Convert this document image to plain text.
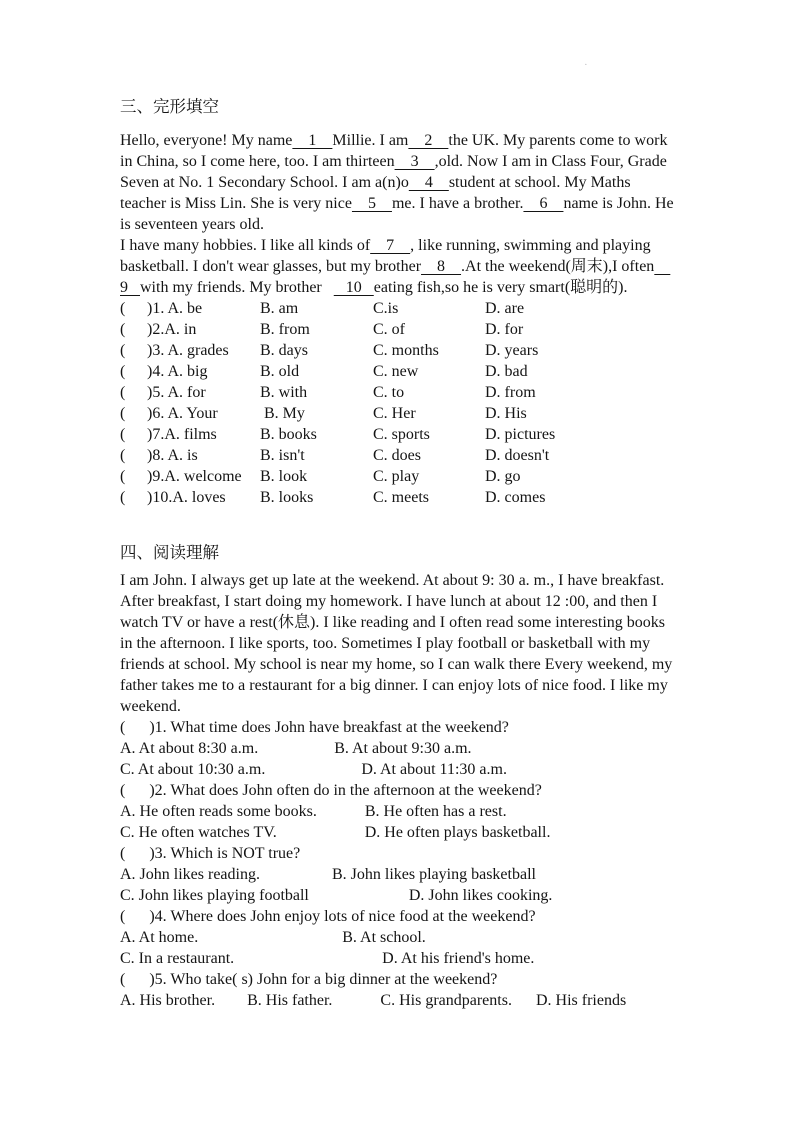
·
三、完形填空
Hello, everyone! My name    1    Millie. I am    2    the UK. My parents come to work
in China, so I come here, too. I am thirteen    3    ,old. Now I am in Class Four, Grade
Seven at No. 1 Secondary School. I am a(n)o    4    student at school. My Maths
teacher is Miss Lin. She is very nice    5    me. I have a brother.    6    name is John. He
is seventeen years old.
I have many hobbies. I like all kinds of    7    , like running, swimming and playing
basketball. I don't wear glasses, but my brother    8    .At the weekend(周末),I often
9   with my friends. My brother      10   eating fish,so he is very smart(聪明的).
(	)1. A. be	B. am	C.is	D. are
(	)2.A. in	B. from	C. of	D. for
(	)3. A. grades	B. days	C. months	D. years
(	)4. A. big	B. old	C. new	D. bad
(	)5. A. for	B. with	C. to	D. from
(	)6. A. Your	B. My	C. Her	D. His
(	)7.A. films	B. books	C. sports	D. pictures
(	)8. A. is	B. isn't	C. does	D. doesn't
(	)9.A. welcome	B. look	C. play	D. go
(	)10.A. loves	B. looks	C. meets	D. comes
四、阅读理解
I am John. I always get up late at the weekend. At about 9: 30 a. m., I have breakfast.
After breakfast, I start doing my homework. I have lunch at about 12 :00, and then I
watch TV or have a rest(休息). I like reading and I often read some interesting books
in the afternoon. I like sports, too. Sometimes I play football or basketball with my
friends at school. My school is near my home, so I can walk there Every weekend, my
father takes me to a restaurant for a big dinner. I can enjoy lots of nice food. I like my
weekend.
(      )1. What time does John have breakfast at the weekend?
A. At about 8:30 a.m.                   B. At about 9:30 a.m.
C. At about 10:30 a.m.                        D. At about 11:30 a.m.
(      )2. What does John often do in the afternoon at the weekend?
A. He often reads some books.            B. He often has a rest.
C. He often watches TV.                      D. He often plays basketball.
(      )3. Which is NOT true?
A. John likes reading.                  B. John likes playing basketball
C. John likes playing football                         D. John likes cooking.
(      )4. Where does John enjoy lots of nice food at the weekend?
A. At home.                                    B. At school.
C. In a restaurant.                                     D. At his friend's home.
(      )5. Who take( s) John for a big dinner at the weekend?
A. His brother.        B. His father.            C. His grandparents.      D. His friends
